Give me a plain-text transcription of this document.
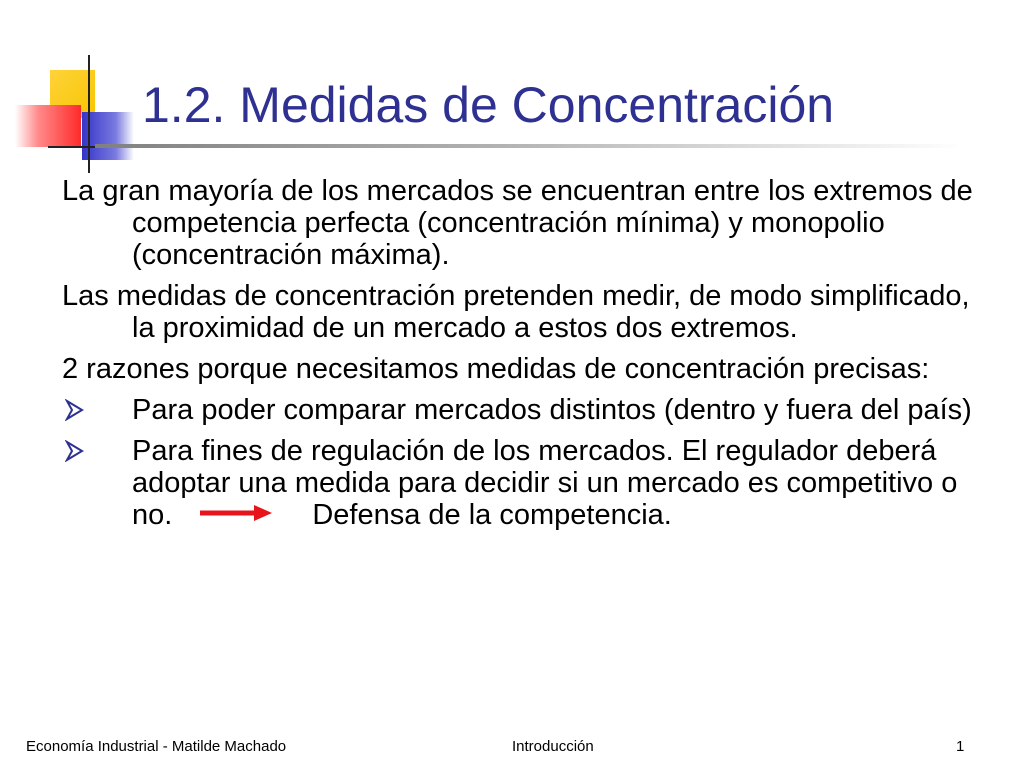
1.2. Medidas de Concentración
La gran mayoría de los mercados se encuentran entre los extremos de competencia perfecta (concentración mínima) y monopolio (concentración máxima).
Las medidas de concentración pretenden medir, de modo simplificado, la proximidad de un mercado a estos dos extremos.
2 razones porque necesitamos medidas de concentración precisas:
Para poder comparar mercados distintos (dentro y fuera del país)
Para fines de regulación de los mercados. El regulador deberá adoptar una medida para decidir si un mercado es competitivo o no.	Defensa de la competencia.
Economía Industrial - Matilde Machado	Introducción	1
